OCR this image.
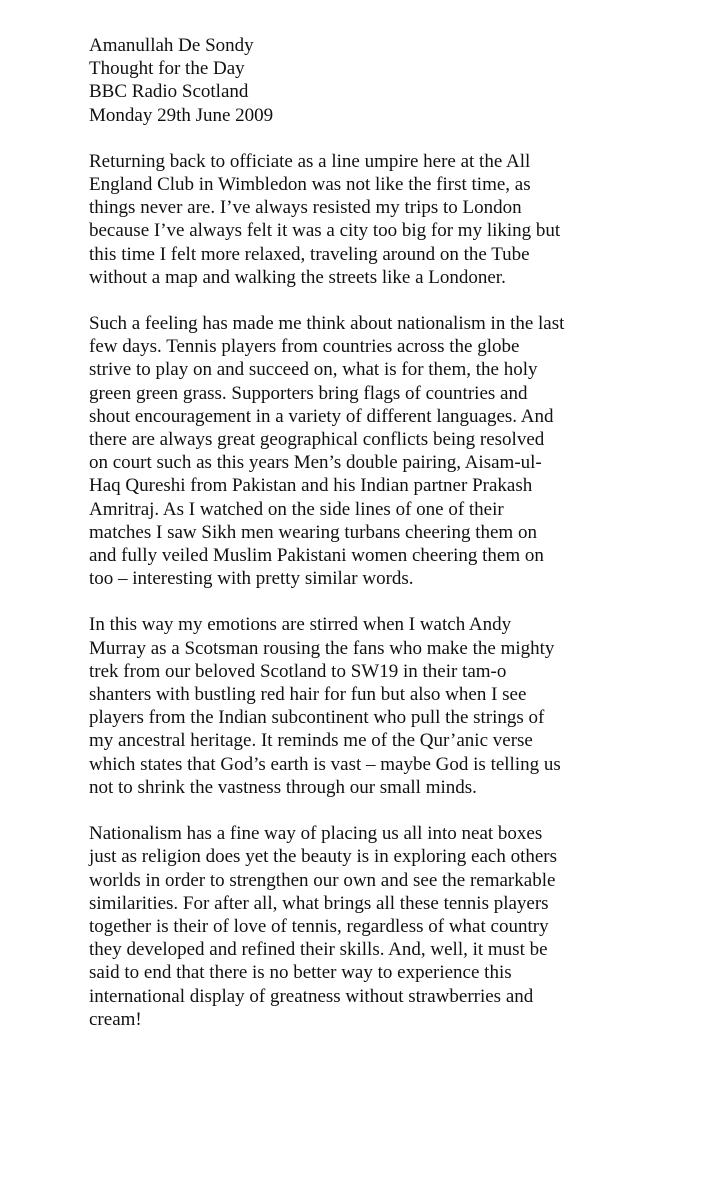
Amanullah De Sondy
Thought for the Day
BBC Radio Scotland
Monday 29th June 2009
Returning back to officiate as a line umpire here at the All
England Club in Wimbledon was not like the first time, as
things never are. I’ve always resisted my trips to London
because I’ve always felt it was a city too big for my liking but
this time I felt more relaxed, traveling around on the Tube
without a map and walking the streets like a Londoner.
Such a feeling has made me think about nationalism in the last
few days. Tennis players from countries across the globe
strive to play on and succeed on, what is for them, the holy
green green grass. Supporters bring flags of countries and
shout encouragement in a variety of different languages. And
there are always great geographical conflicts being resolved
on court such as this years Men’s double pairing, Aisam-ul-
Haq Qureshi from Pakistan and his Indian partner Prakash
Amritraj. As I watched on the side lines of one of their
matches I saw Sikh men wearing turbans cheering them on
and fully veiled Muslim Pakistani women cheering them on
too – interesting with pretty similar words.
In this way my emotions are stirred when I watch Andy
Murray as a Scotsman rousing the fans who make the mighty
trek from our beloved Scotland to SW19 in their tam-o
shanters with bustling red hair for fun but also when I see
players from the Indian subcontinent who pull the strings of
my ancestral heritage. It reminds me of the Qur’anic verse
which states that God’s earth is vast – maybe God is telling us
not to shrink the vastness through our small minds.
Nationalism has a fine way of placing us all into neat boxes
just as religion does yet the beauty is in exploring each others
worlds in order to strengthen our own and see the remarkable
similarities. For after all, what brings all these tennis players
together is their of love of tennis, regardless of what country
they developed and refined their skills. And, well, it must be
said to end that there is no better way to experience this
international display of greatness without strawberries and
cream!
